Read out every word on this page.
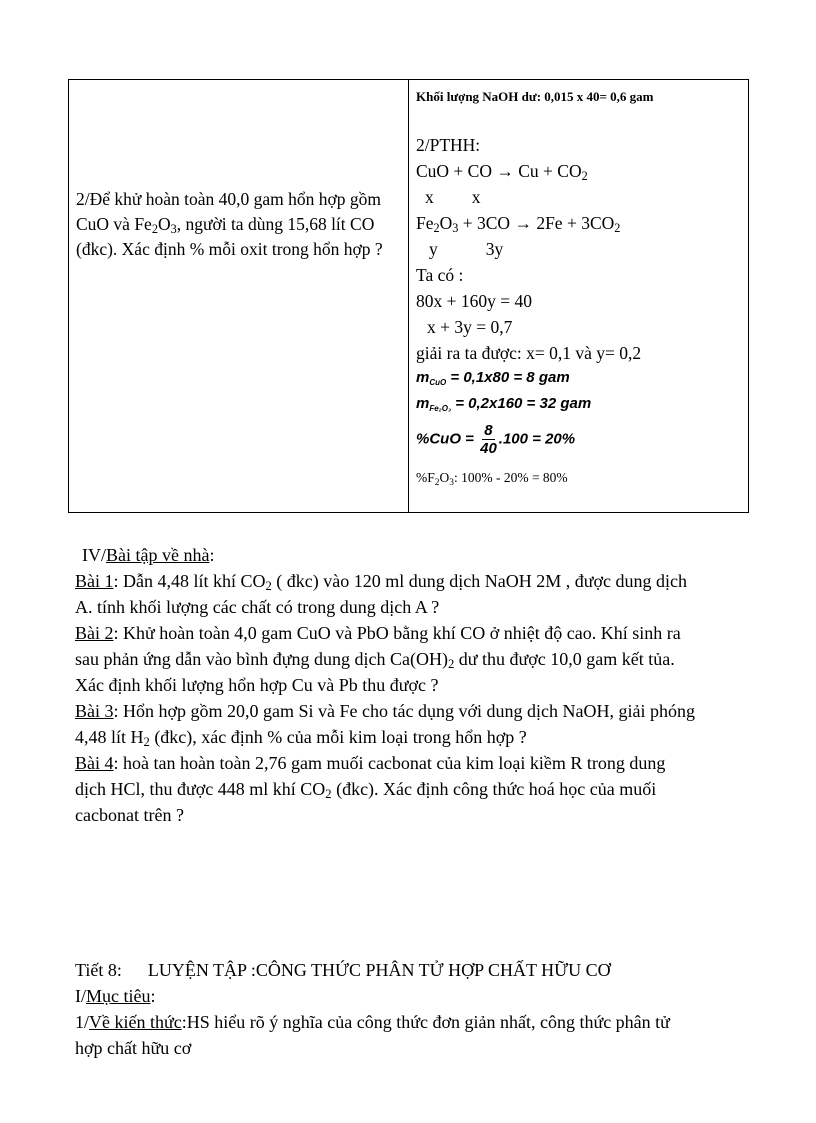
2/Để khử hoàn toàn 40,0 gam hổn hợp gồm CuO và $Fe_2O_3$, người ta dùng 15,68 lít CO (đkc). Xác định % mỗi oxit trong hổn hợp ?

Khối lượng NaOH dư: 0,015 x 40= 0,6 gam
2/PTHH:
CuO + CO → $Cu + CO_2$
x x
$Fe_2O_3 + 3CO \to 2Fe + 3CO_2$
y	3y
Ta có :
80x + 160y = 40
x + 3y = 0,7
giải ra ta được: x= 0,1 và y= 0,2
$m_{CuO} = 0,1x80 = 8$ gam
$m_{Fe_2O_3} = 0,2x160 = 32$ gam
$\%CuO = \frac{8}{40} .100 = 20\%$
$\%F_2O_3$: 100% - 20% = 80%
IV/Bài tập về nhà:
Bài 1: Dẫn 4,48 lít khí $CO_2$ ( đkc) vào 120 ml dung dịch NaOH 2M , được dung dịch
A. tính khối lượng các chất có trong dung dịch A ?
Bài 2: Khử hoàn toàn 4,0 gam CuO và PbO bằng khí CO ở nhiệt độ cao. Khí sinh ra
sau phản ứng dẫn vào bình đựng dung dịch $Ca(OH)_2$ dư thu được 10,0 gam kết tủa.
Xác định khối lượng hổn hợp Cu và Pb thu được ?
Bài 3: Hổn hợp gồm 20,0 gam Si và Fe cho tác dụng với dung dịch NaOH, giải phóng
4,48 lít $H_2$ (đkc), xác định % của mỗi kim loại trong hổn hợp ?
Bài 4: hoà tan hoàn toàn 2,76 gam muối cacbonat của kim loại kiềm R trong dung
dịch HCl, thu được 448 ml khí $CO_2$ (đkc). Xác định công thức hoá học của muối
cacbonat trên ?
Tiết 8: LUYỆN TẬP :CÔNG THỨC PHÂN TỬ HỢP CHẤT HỮU CƠ
I/Mục tiêu:
1/Về kiến thức:HS hiểu rõ ý nghĩa của công thức đơn giản nhất, công thức phân tử
hợp chất hữu cơ
